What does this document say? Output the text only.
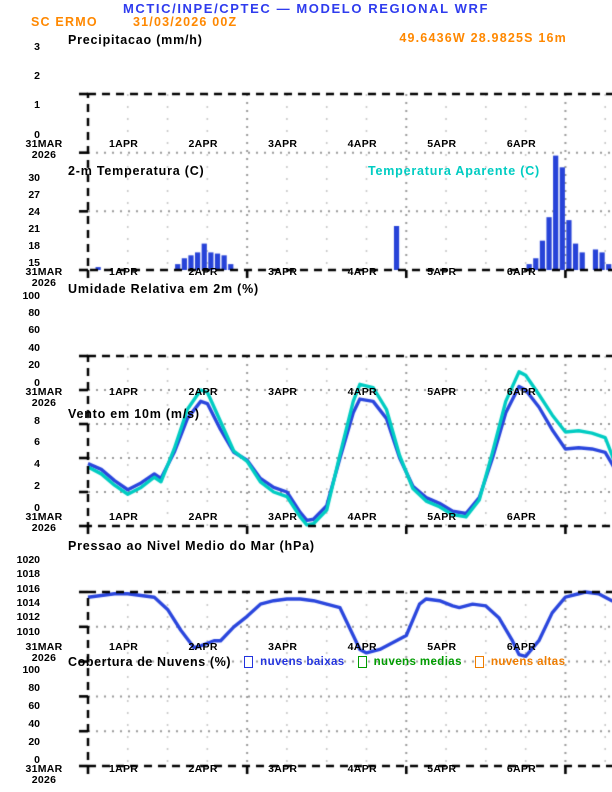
MCTIC/INPE/CPTEC — MODELO REGIONAL WRF
SC ERMO	31/03/2026 00Z
49.6436W 28.9825S 16m
Precipitacao (mm/h)
2-m Temperatura (C)	Temperatura Aparente (C)
Umidade Relativa em 2m (%)
Vento em 10m (m/s)
Pressao ao Nivel Medio do Mar (hPa)
Cobertura de Nuvens (%)	nuvens baixas	nuvens medias	nuvens altas
0
1
2
3
31MAR	1APR	2APR	3APR	4APR	5APR	6APR
2026
15
18
21
24
27
30
31MAR	1APR	2APR	3APR	4APR	5APR	6APR
2026
0
20
40
60
80
100
31MAR	1APR	2APR	3APR	4APR	5APR	6APR
2026
0
2
4
6
8
31MAR	1APR	2APR	3APR	4APR	5APR	6APR
2026
1010
1012
1014
1016
1018
1020
31MAR	1APR	2APR	3APR	4APR	5APR	6APR
2026
0
20
40
60
80
100
31MAR	1APR	2APR	3APR	4APR	5APR	6APR
2026
